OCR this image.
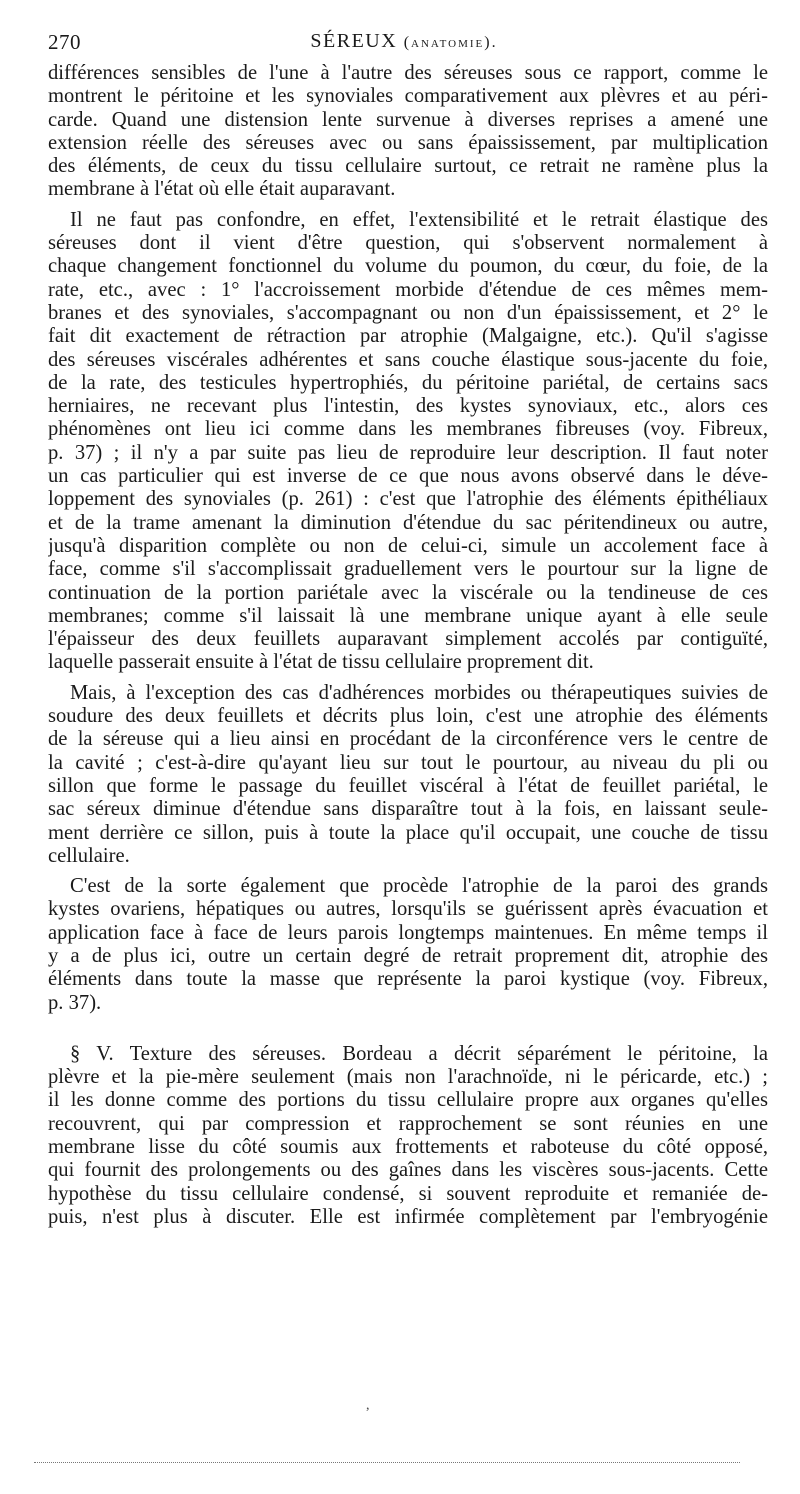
270	SÉREUX (anatomie).
différences sensibles de l'une à l'autre des séreuses sous ce rapport, comme le
montrent le péritoine et les synoviales comparativement aux plèvres et au péri-
carde. Quand une distension lente survenue à diverses reprises a amené une
extension réelle des séreuses avec ou sans épaississement, par multiplication
des éléments, de ceux du tissu cellulaire surtout, ce retrait ne ramène plus la
membrane à l'état où elle était auparavant.
Il ne faut pas confondre, en effet, l'extensibilité et le retrait élastique des
séreuses dont il vient d'être question, qui s'observent normalement à
chaque changement fonctionnel du volume du poumon, du cœur, du foie, de la
rate, etc., avec : 1° l'accroissement morbide d'étendue de ces mêmes mem-
branes et des synoviales, s'accompagnant ou non d'un épaississement, et 2° le
fait dit exactement de rétraction par atrophie (Malgaigne, etc.). Qu'il s'agisse
des séreuses viscérales adhérentes et sans couche élastique sous-jacente du foie,
de la rate, des testicules hypertrophiés, du péritoine pariétal, de certains sacs
herniaires, ne recevant plus l'intestin, des kystes synoviaux, etc., alors ces
phénomènes ont lieu ici comme dans les membranes fibreuses (voy. Fibreux,
p. 37) ; il n'y a par suite pas lieu de reproduire leur description. Il faut noter
un cas particulier qui est inverse de ce que nous avons observé dans le déve-
loppement des synoviales (p. 261) : c'est que l'atrophie des éléments épithéliaux
et de la trame amenant la diminution d'étendue du sac péritendineux ou autre,
jusqu'à disparition complète ou non de celui-ci, simule un accolement face à
face, comme s'il s'accomplissait graduellement vers le pourtour sur la ligne de
continuation de la portion pariétale avec la viscérale ou la tendineuse de ces
membranes; comme s'il laissait là une membrane unique ayant à elle seule
l'épaisseur des deux feuillets auparavant simplement accolés par contiguïté,
laquelle passerait ensuite à l'état de tissu cellulaire proprement dit.
Mais, à l'exception des cas d'adhérences morbides ou thérapeutiques suivies de
soudure des deux feuillets et décrits plus loin, c'est une atrophie des éléments
de la séreuse qui a lieu ainsi en procédant de la circonférence vers le centre de
la cavité ; c'est-à-dire qu'ayant lieu sur tout le pourtour, au niveau du pli ou
sillon que forme le passage du feuillet viscéral à l'état de feuillet pariétal, le
sac séreux diminue d'étendue sans disparaître tout à la fois, en laissant seule-
ment derrière ce sillon, puis à toute la place qu'il occupait, une couche de tissu
cellulaire.
C'est de la sorte également que procède l'atrophie de la paroi des grands
kystes ovariens, hépatiques ou autres, lorsqu'ils se guérissent après évacuation et
application face à face de leurs parois longtemps maintenues. En même temps il
y a de plus ici, outre un certain degré de retrait proprement dit, atrophie des
éléments dans toute la masse que représente la paroi kystique (voy. Fibreux,
p. 37).
§ V. Texture des séreuses. Bordeau a décrit séparément le péritoine, la
plèvre et la pie-mère seulement (mais non l'arachnoïde, ni le péricarde, etc.) ;
il les donne comme des portions du tissu cellulaire propre aux organes qu'elles
recouvrent, qui par compression et rapprochement se sont réunies en une
membrane lisse du côté soumis aux frottements et raboteuse du côté opposé,
qui fournit des prolongements ou des gaînes dans les viscères sous-jacents. Cette
hypothèse du tissu cellulaire condensé, si souvent reproduite et remaniée de-
puis, n'est plus à discuter. Elle est infirmée complètement par l'embryogénie
,
